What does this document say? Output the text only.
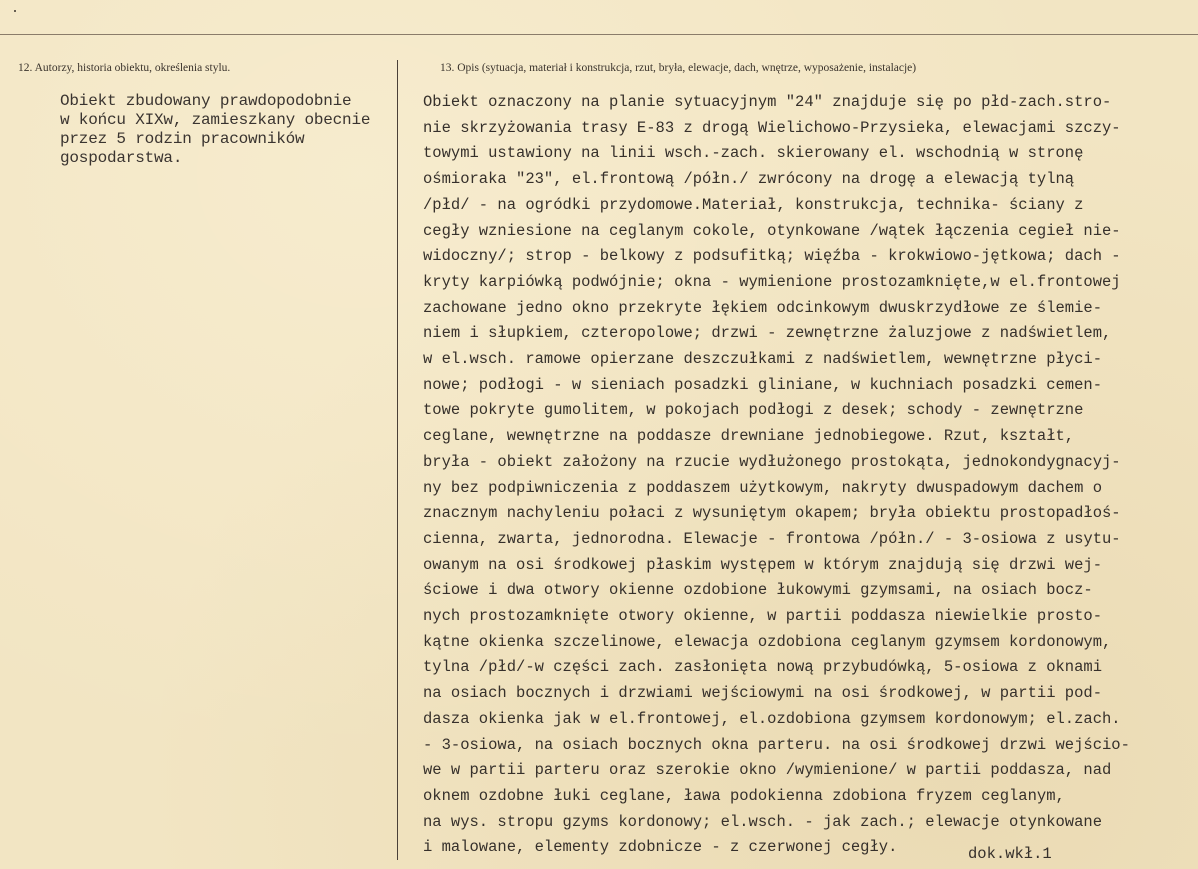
12. Autorzy, historia obiektu, określenia stylu.	13. Opis (sytuacja, materiał i konstrukcja, rzut, bryła, elewacje, dach, wnętrze, wyposażenie, instalacje)
Obiekt zbudowany prawdopodobnie
w końcu XIXw, zamieszkany obecnie
przez 5 rodzin pracowników
gospodarstwa.
Obiekt oznaczony na planie sytuacyjnym "24" znajduje się po płd-zach.stro-
nie skrzyżowania trasy E-83 z drogą Wielichowo-Przysieka, elewacjami szczy-
towymi ustawiony na linii wsch.-zach. skierowany el. wschodnią w stronę
ośmioraka "23", el.frontową /półn./ zwrócony na drogę a elewacją tylną
/płd/ - na ogródki przydomowe.Materiał, konstrukcja, technika- ściany z
cegły wzniesione na ceglanym cokole, otynkowane /wątek łączenia cegieł nie-
widoczny/; strop - belkowy z podsufitką; więźba - krokwiowo-jętkowa; dach -
kryty karpiówką podwójnie; okna - wymienione prostozamknięte,w el.frontowej
zachowane jedno okno przekryte łękiem odcinkowym dwuskrzydłowe ze ślemie-
niem i słupkiem, czteropolowe; drzwi - zewnętrzne żaluzjowe z nadświetlem,
w el.wsch. ramowe opierzane deszczułkami z nadświetlem, wewnętrzne płyci-
nowe; podłogi - w sieniach posadzki gliniane, w kuchniach posadzki cemen-
towe pokryte gumolitem, w pokojach podłogi z desek; schody - zewnętrzne
ceglane, wewnętrzne na poddasze drewniane jednobiegowe. Rzut, kształt,
bryła - obiekt założony na rzucie wydłużonego prostokąta, jednokondygnacyj-
ny bez podpiwniczenia z poddaszem użytkowym, nakryty dwuspadowym dachem o
znacznym nachyleniu połaci z wysuniętym okapem; bryła obiektu prostopadłoś-
cienna, zwarta, jednorodna. Elewacje - frontowa /półn./ - 3-osiowa z usytu-
owanym na osi środkowej płaskim występem w którym znajdują się drzwi wej-
ściowe i dwa otwory okienne ozdobione łukowymi gzymsami, na osiach bocz-
nych prostozamknięte otwory okienne, w partii poddasza niewielkie prosto-
kątne okienka szczelinowe, elewacja ozdobiona ceglanym gzymsem kordonowym,
tylna /płd/-w części zach. zasłonięta nową przybudówką, 5-osiowa z oknami
na osiach bocznych i drzwiami wejściowymi na osi środkowej, w partii pod-
dasza okienka jak w el.frontowej, el.ozdobiona gzymsem kordonowym; el.zach.
- 3-osiowa, na osiach bocznych okna parteru. na osi środkowej drzwi wejścio-
we w partii parteru oraz szerokie okno /wymienione/ w partii poddasza, nad
oknem ozdobne łuki ceglane, ława podokienna zdobiona fryzem ceglanym,
na wys. stropu gzyms kordonowy; el.wsch. - jak zach.; elewacje otynkowane
i malowane, elementy zdobnicze - z czerwonej cegły.	dok.wkł.1
